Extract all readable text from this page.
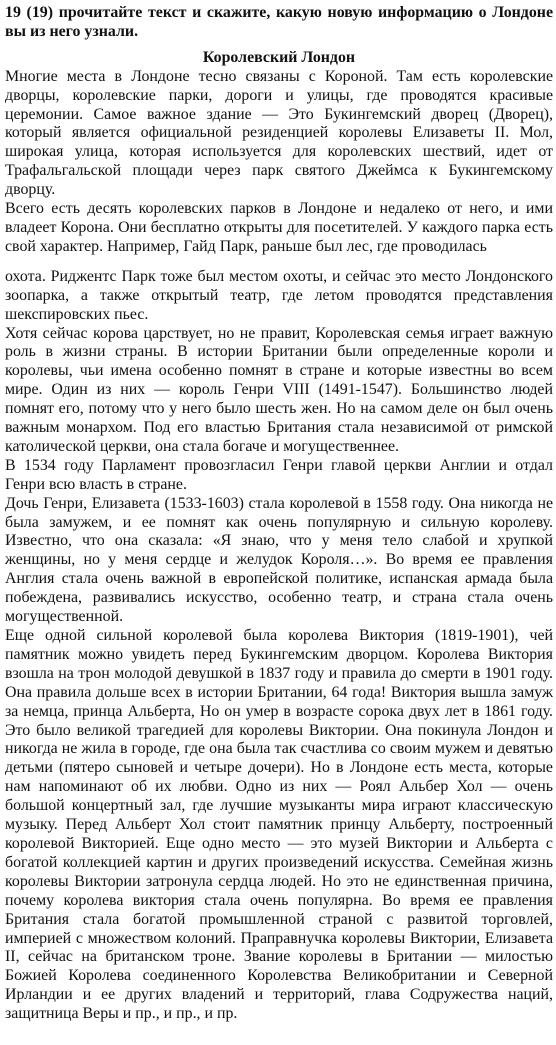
19 (19) прочитайте текст и скажите, какую новую информацию о Лондоне вы из него узнали.

Королевский Лондон

Многие места в Лондоне тесно связаны с Короной. Там есть королевские дворцы, королевские парки, дороги и улицы, где проводятся красивые церемонии. Самое важное здание — Это Букингемский дворец (Дворец), который является официальной резиденцией королевы Елизаветы II. Мол, широкая улица, которая используется для королевских шествий, идет от Трафальгальской площади через парк святого Джеймса к Букингемскому дворцу.

Всего есть десять королевских парков в Лондоне и недалеко от него, и ими владеет Корона. Они бесплатно открыты для посетителей. У каждого парка есть свой характер. Например, Гайд Парк, раньше был лес, где проводилась

охота. Риджентс Парк тоже был местом охоты, и сейчас это место Лондонского зоопарка, а также открытый театр, где летом проводятся представления шекспировских пьес.

Хотя сейчас корова царствует, но не правит, Королевская семья играет важную роль в жизни страны. В истории Британии были определенные короли и королевы, чьи имена особенно помнят в стране и которые известны во всем мире. Один из них — король Генри VIII (1491-1547). Большинство людей помнят его, потому что у него было шесть жен. Но на самом деле он был очень важным монархом. Под его властью Британия стала независимой от римской католической церкви, она стала богаче и могущественнее.

В 1534 году Парламент провозгласил Генри главой церкви Англии и отдал Генри всю власть в стране.

Дочь Генри, Елизавета (1533-1603) стала королевой в 1558 году. Она никогда не была замужем, и ее помнят как очень популярную и сильную королеву. Известно, что она сказала: «Я знаю, что у меня тело слабой и хрупкой женщины, но у меня сердце и желудок Короля…». Во время ее правления Англия стала очень важной в европейской политике, испанская армада была побеждена, развивались искусство, особенно театр, и страна стала очень могущественной.

Еще одной сильной королевой была королева Виктория (1819-1901), чей памятник можно увидеть перед Букингемским дворцом. Королева Виктория взошла на трон молодой девушкой в 1837 году и правила до смерти в 1901 году. Она правила дольше всех в истории Британии, 64 года! Виктория вышла замуж за немца, принца Альберта, Но он умер в возрасте сорока двух лет в 1861 году. Это было великой трагедией для королевы Виктории. Она покинула Лондон и никогда не жила в городе, где она была так счастлива со своим мужем и девятью детьми (пятеро сыновей и четыре дочери). Но в Лондоне есть места, которые нам напоминают об их любви. Одно из них — Роял Альбер Хол — очень большой концертный зал, где лучшие музыканты мира играют классическую музыку. Перед Альберт Хол стоит памятник принцу Альберту, построенный королевой Викторией. Еще одно место — это музей Виктории и Альберта с богатой коллекцией картин и других произведений искусства. Семейная жизнь королевы Виктории затронула сердца людей. Но это не единственная причина, почему королева виктория стала очень популярна. Во время ее правления Британия стала богатой промышленной страной с развитой торговлей, империей с множеством колоний. Праправнучка королевы Виктории, Елизавета II, сейчас на британском троне. Звание королевы в Британии — милостью Божией Королева соединенного Королевства Великобритании и Северной Ирландии и ее других владений и территорий, глава Содружества наций, защитница Веры и пр., и пр., и пр.
